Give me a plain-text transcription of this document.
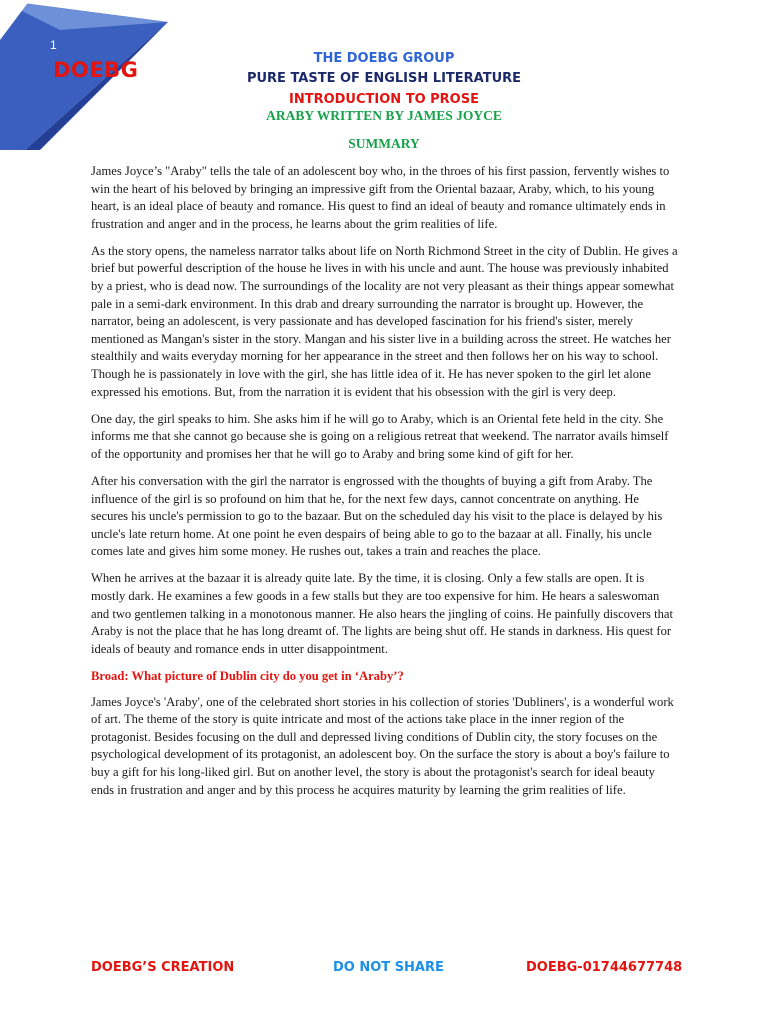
1
DOEBG	THE DOEBG GROUP
PURE TASTE OF ENGLISH LITERATURE
INTRODUCTION TO PROSE
ARABY WRITTEN BY JAMES JOYCE
SUMMARY

James Joyce’s "Araby" tells the tale of an adolescent boy who, in the throes of his first passion, fervently wishes to win the heart of his beloved by bringing an impressive gift from the Oriental bazaar, Araby, which, to his young heart, is an ideal place of beauty and romance. His quest to find an ideal of beauty and romance ultimately ends in frustration and anger and in the process, he learns about the grim realities of life.

As the story opens, the nameless narrator talks about life on North Richmond Street in the city of Dublin. He gives a brief but powerful description of the house he lives in with his uncle and aunt. The house was previously inhabited by a priest, who is dead now. The surroundings of the locality are not very pleasant as their things appear somewhat pale in a semi-dark environment. In this drab and dreary surrounding the narrator is brought up. However, the narrator, being an adolescent, is very passionate and has developed fascination for his friend's sister, merely mentioned as Mangan's sister in the story. Mangan and his sister live in a building across the street. He watches her stealthily and waits everyday morning for her appearance in the street and then follows her on his way to school. Though he is passionately in love with the girl, she has little idea of it. He has never spoken to the girl let alone expressed his emotions. But, from the narration it is evident that his obsession with the girl is very deep.

One day, the girl speaks to him. She asks him if he will go to Araby, which is an Oriental fete held in the city. She informs me that she cannot go because she is going on a religious retreat that weekend. The narrator avails himself of the opportunity and promises her that he will go to Araby and bring some kind of gift for her.

After his conversation with the girl the narrator is engrossed with the thoughts of buying a gift from Araby. The influence of the girl is so profound on him that he, for the next few days, cannot concentrate on anything. He secures his uncle's permission to go to the bazaar. But on the scheduled day his visit to the place is delayed by his uncle's late return home. At one point he even despairs of being able to go to the bazaar at all. Finally, his uncle comes late and gives him some money. He rushes out, takes a train and reaches the place.

When he arrives at the bazaar it is already quite late. By the time, it is closing. Only a few stalls are open. It is mostly dark. He examines a few goods in a few stalls but they are too expensive for him. He hears a saleswoman and two gentlemen talking in a monotonous manner. He also hears the jingling of coins. He painfully discovers that Araby is not the place that he has long dreamt of. The lights are being shut off. He stands in darkness. His quest for ideals of beauty and romance ends in utter disappointment.

Broad: What picture of Dublin city do you get in ‘Araby’?

James Joyce's 'Araby', one of the celebrated short stories in his collection of stories 'Dubliners', is a wonderful work of art. The theme of the story is quite intricate and most of the actions take place in the inner region of the protagonist. Besides focusing on the dull and depressed living conditions of Dublin city, the story focuses on the psychological development of its protagonist, an adolescent boy. On the surface the story is about a boy's failure to buy a gift for his long-liked girl. But on another level, the story is about the protagonist's search for ideal beauty ends in frustration and anger and by this process he acquires maturity by learning the grim realities of life.

DOEBG’S CREATION	DO NOT SHARE	DOEBG-01744677748
